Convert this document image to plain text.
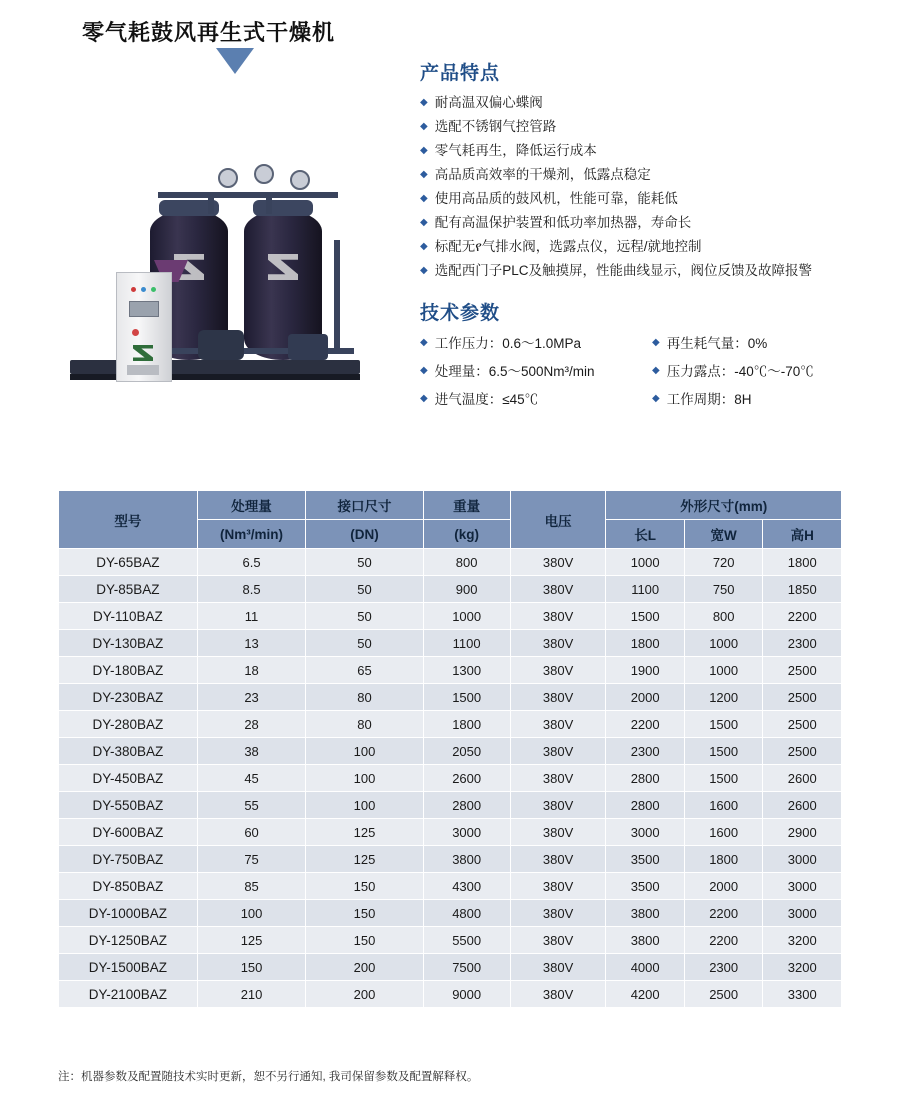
零气耗鼓风再生式干燥机
产品特点
◆ 耐高温双偏心蝶阀
◆ 选配不锈钢气控管路
◆ 零气耗再生，降低运行成本
◆ 高品质高效率的干燥剂，低露点稳定
◆ 使用高品质的鼓风机，性能可靠，能耗低
◆ 配有高温保护装置和低功率加热器，寿命长
◆ 标配无የ气排水阀，选露点仪，远程/就地控制
◆ 选配西门子PLC及触摸屏，性能曲线显示，阀位反馈及故障报警
技术参数
◆ 工作压力：0.6～1.0MPa	◆ 再生耗气量：0%
◆ 处理量：6.5～500Nm³/min	◆ 压力露点：-40℃～-70℃
◆ 进气温度：≤45℃	◆ 工作周期：8H
型号	处理量	接口尺寸	重量	电压	外形尺寸(mm)		
	(Nm³/min)	(DN)	(kg)		长L	宽W	高H
DY-65BAZ	6.5	50	800	380V	1000	720	1800
DY-85BAZ	8.5	50	900	380V	1100	750	1850
DY-110BAZ	11	50	1000	380V	1500	800	2200
DY-130BAZ	13	50	1100	380V	1800	1000	2300
DY-180BAZ	18	65	1300	380V	1900	1000	2500
DY-230BAZ	23	80	1500	380V	2000	1200	2500
DY-280BAZ	28	80	1800	380V	2200	1500	2500
DY-380BAZ	38	100	2050	380V	2300	1500	2500
DY-450BAZ	45	100	2600	380V	2800	1500	2600
DY-550BAZ	55	100	2800	380V	2800	1600	2600
DY-600BAZ	60	125	3000	380V	3000	1600	2900
DY-750BAZ	75	125	3800	380V	3500	1800	3000
DY-850BAZ	85	150	4300	380V	3500	2000	3000
DY-1000BAZ	100	150	4800	380V	3800	2200	3000
DY-1250BAZ	125	150	5500	380V	3800	2200	3200
DY-1500BAZ	150	200	7500	380V	4000	2300	3200
DY-2100BAZ	210	200	9000	380V	4200	2500	3300
注：机器参数及配置随技术实时更新，恕不另行通知, 我司保留参数及配置解释权。
